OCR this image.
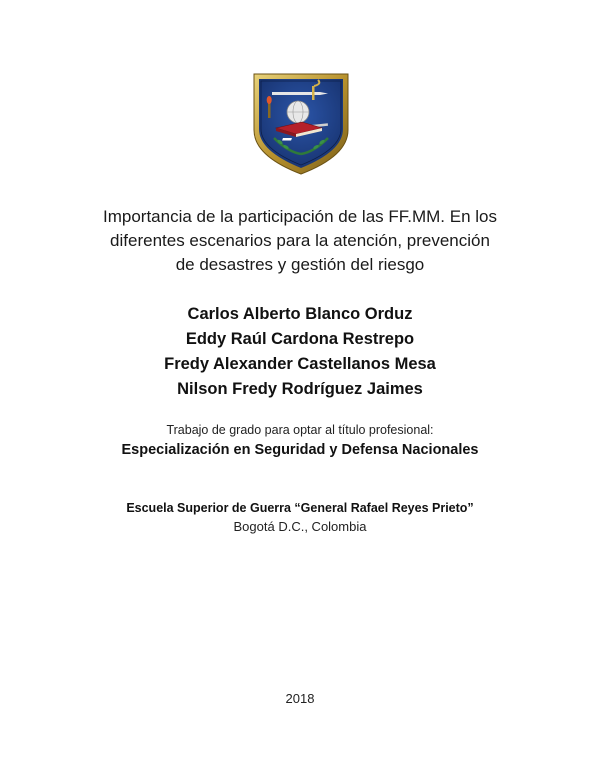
Importancia de la participación de las FF.MM. En los
diferentes escenarios para la atención, prevención
de desastres y gestión del riesgo
Carlos Alberto Blanco Orduz
Eddy Raúl Cardona Restrepo
Fredy Alexander Castellanos Mesa
Nilson Fredy Rodríguez Jaimes
Trabajo de grado para optar al título profesional:
Especialización en Seguridad y Defensa Nacionales
Escuela Superior de Guerra “General Rafael Reyes Prieto”
Bogotá D.C., Colombia
2018
